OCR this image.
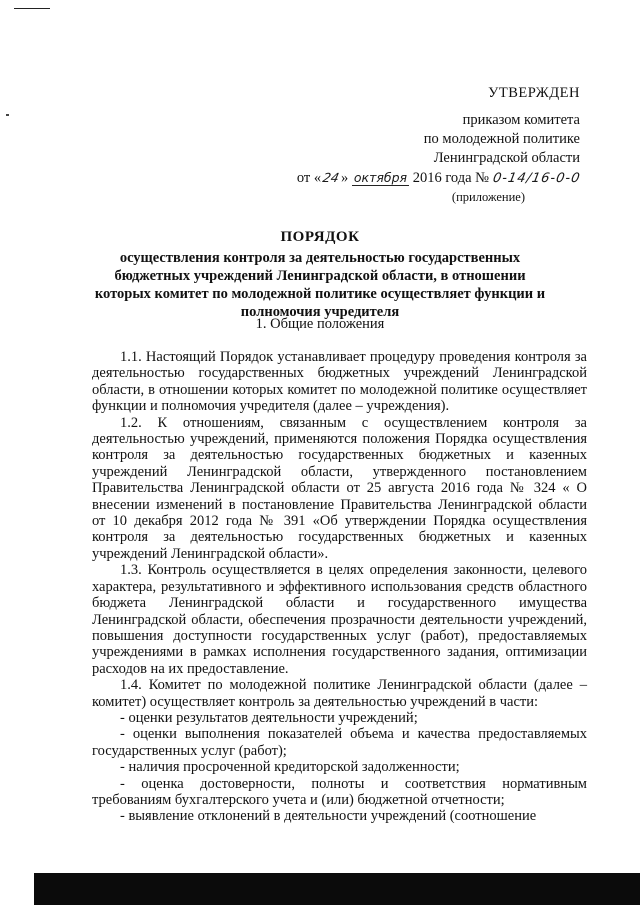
УТВЕРЖДЕН
приказом комитета
по молодежной политике
Ленинградской области
от «24» октября 2016 года № 0-14/16-0-0
(приложение)
ПОРЯДОК
осуществления контроля за деятельностью государственных бюджетных учреждений Ленинградской области, в отношении которых комитет по молодежной политике осуществляет функции и полномочия учредителя
1. Общие положения

1.1. Настоящий Порядок устанавливает процедуру проведения контроля за деятельностью государственных бюджетных учреждений Ленинградской области, в отношении которых комитет по молодежной политике осуществляет функции и полномочия учредителя (далее – учреждения).

1.2. К отношениям, связанным с осуществлением контроля за деятельностью учреждений, применяются положения Порядка осуществления контроля за деятельностью государственных бюджетных и казенных учреждений Ленинградской области, утвержденного постановлением Правительства Ленинградской области от 25 августа 2016 года № 324 « О внесении изменений в постановление Правительства Ленинградской области от 10 декабря 2012 года № 391 «Об утверждении Порядка осуществления контроля за деятельностью государственных бюджетных и казенных учреждений Ленинградской области».

1.3. Контроль осуществляется в целях определения законности, целевого характера, результативного и эффективного использования средств областного бюджета Ленинградской области и государственного имущества Ленинградской области, обеспечения прозрачности деятельности учреждений, повышения доступности государственных услуг (работ), предоставляемых учреждениями в рамках исполнения государственного задания, оптимизации расходов на их предоставление.

1.4. Комитет по молодежной политике Ленинградской области (далее – комитет) осуществляет контроль за деятельностью учреждений в части:

- оценки результатов деятельности учреждений;

- оценки выполнения показателей объема и качества предоставляемых государственных услуг (работ);

- наличия просроченной кредиторской задолженности;

- оценка достоверности, полноты и соответствия нормативным требованиям бухгалтерского учета и (или) бюджетной отчетности;

- выявление отклонений в деятельности учреждений (соотношение
